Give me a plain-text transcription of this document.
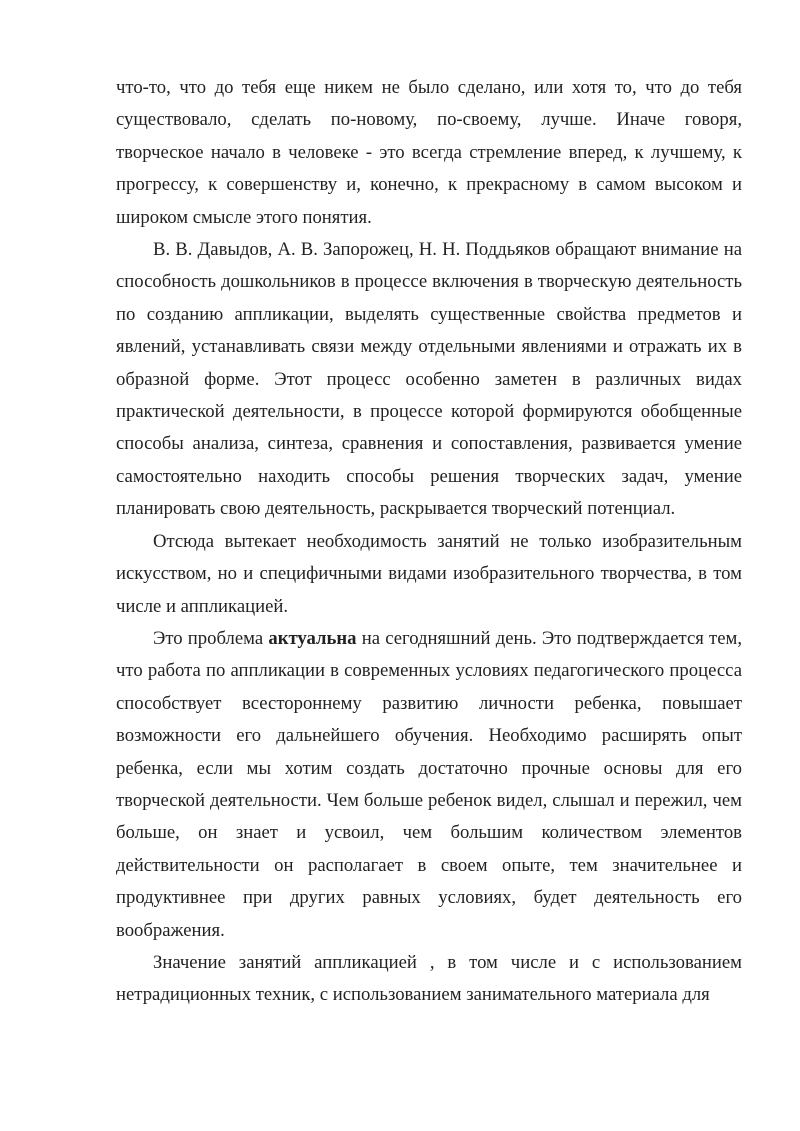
что-то, что до тебя еще никем не было сделано, или хотя то, что до тебя существовало, сделать по-новому, по-своему, лучше. Иначе говоря, творческое начало в человеке - это всегда стремление вперед, к лучшему, к прогрессу, к совершенству и, конечно, к прекрасному в самом высоком и широком смысле этого понятия.

В. В. Давыдов, А. В. Запорожец, Н. Н. Поддьяков обращают внимание на способность дошкольников в процессе включения в творческую деятельность по созданию аппликации, выделять существенные свойства предметов и явлений, устанавливать связи между отдельными явлениями и отражать их в образной форме. Этот процесс особенно заметен в различных видах практической деятельности, в процессе которой формируются обобщенные способы анализа, синтеза, сравнения и сопоставления, развивается умение самостоятельно находить способы решения творческих задач, умение планировать свою деятельность, раскрывается творческий потенциал.

Отсюда вытекает необходимость занятий не только изобразительным искусством, но и специфичными видами изобразительного творчества, в том числе и аппликацией.

Это проблема актуальна на сегодняшний день. Это подтверждается тем, что работа по аппликации в современных условиях педагогического процесса способствует всестороннему развитию личности ребенка, повышает возможности его дальнейшего обучения. Необходимо расширять опыт ребенка, если мы хотим создать достаточно прочные основы для его творческой деятельности. Чем больше ребенок видел, слышал и пережил, чем больше, он знает и усвоил, чем большим количеством элементов действительности он располагает в своем опыте, тем значительнее и продуктивнее при других равных условиях, будет деятельность его воображения.

Значение занятий аппликацией , в том числе и с использованием нетрадиционных техник, с использованием занимательного материала для
